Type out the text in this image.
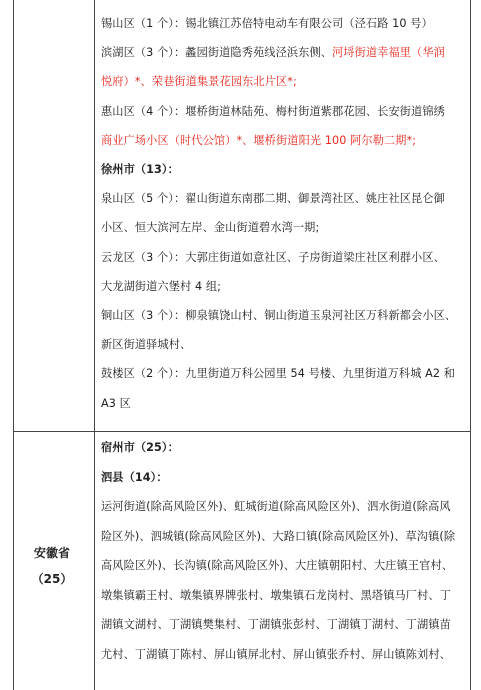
锡山区（1 个）：锡北镇江苏倍特电动车有限公司（泾石路 10 号）
滨湖区（3 个）：蠡园街道隐秀苑线泾浜东侧、河埒街道幸福里（华润
悦府）*、荣巷街道集景花园东北片区*;
惠山区（4 个）：堰桥街道林陆苑、梅村街道紫郡花园、长安街道锦绣
商业广场小区（时代公馆）*、堰桥街道阳光 100 阿尔勒二期*;
徐州市（13）：
泉山区（5 个）：翟山街道东南郡二期、御景湾社区、姚庄社区昆仑御
小区、恒大滨河左岸、金山街道碧水湾一期;
云龙区（3 个）：大郭庄街道如意社区、子房街道梁庄社区利群小区、
大龙湖街道六堡村 4 组;
铜山区（3 个）：柳泉镇饶山村、铜山街道玉泉河社区万科新都会小区、
新区街道驿城村、
鼓楼区（2 个）：九里街道万科公园里 54 号楼、九里街道万科城 A2 和
A3 区
安徽省
（25）
宿州市（25）：
泗县（14）：
运河街道(除高风险区外)、虹城街道(除高风险区外)、泗水街道(除高风
险区外)、泗城镇(除高风险区外)、大路口镇(除高风险区外)、草沟镇(除
高风险区外)、长沟镇(除高风险区外)、大庄镇朝阳村、大庄镇王官村、
墩集镇霸王村、墩集镇界牌张村、墩集镇石龙岗村、黑塔镇马厂村、丁
湖镇文湖村、丁湖镇樊集村、丁湖镇张彭村、丁湖镇丁湖村、丁湖镇苗
尤村、丁湖镇丁陈村、屏山镇屏北村、屏山镇张乔村、屏山镇陈刘村、
